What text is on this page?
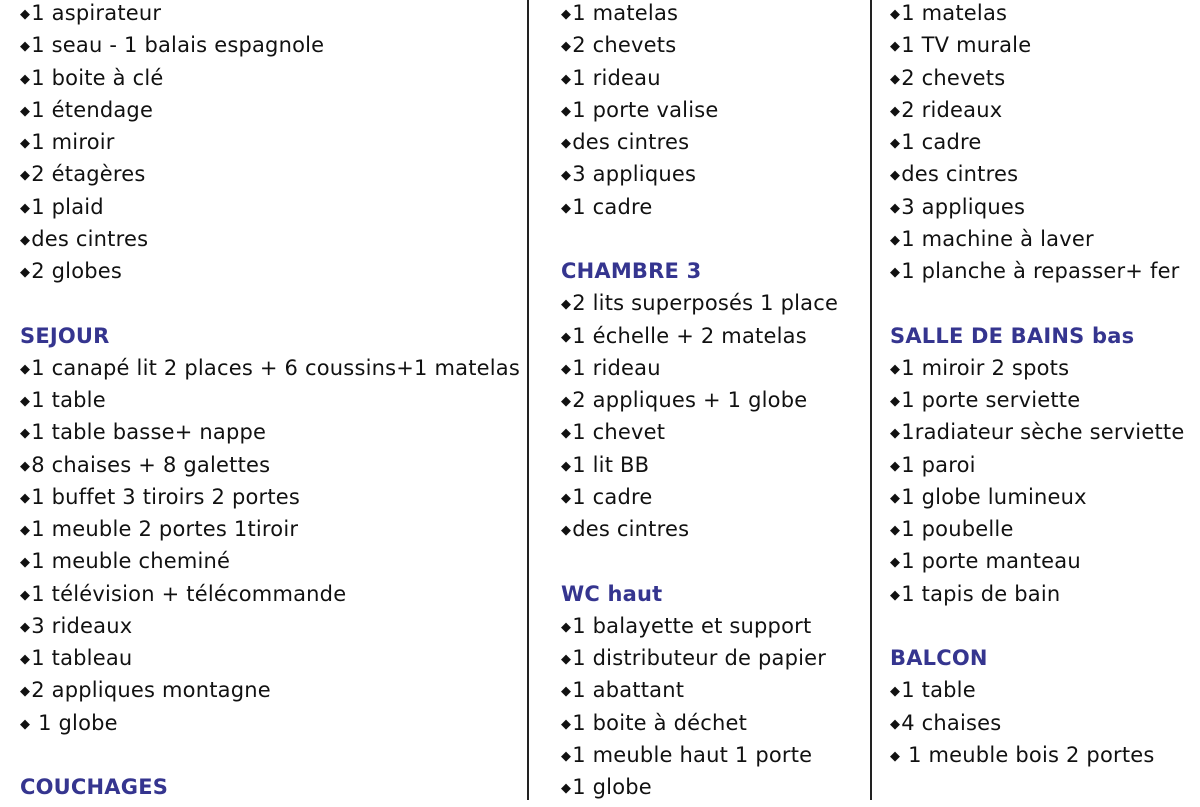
◆1 aspirateur
◆1 seau - 1 balais espagnole
◆1 boite à clé
◆1 étendage
◆1 miroir
◆2 étagères
◆1 plaid
◆des cintres
◆2 globes
SEJOUR
◆1 canapé lit 2 places + 6 coussins+1 matelas
◆1 table
◆1 table basse+ nappe
◆8 chaises + 8 galettes
◆1 buffet 3 tiroirs 2 portes
◆1 meuble 2 portes 1tiroir
◆1 meuble cheminé
◆1 télévision + télécommande
◆3 rideaux
◆1 tableau
◆2 appliques montagne
◆ 1 globe
COUCHAGES
◆1 matelas
◆2 chevets
◆1 rideau
◆1 porte valise
◆des cintres
◆3 appliques
◆1 cadre
CHAMBRE 3
◆2 lits superposés 1 place
◆1 échelle + 2 matelas
◆1 rideau
◆2 appliques + 1 globe
◆1 chevet
◆1 lit BB
◆1 cadre
◆des cintres
WC haut
◆1 balayette et support
◆1 distributeur de papier
◆1 abattant
◆1 boite à déchet
◆1 meuble haut 1 porte
◆1 globe
◆1 matelas
◆1 TV murale
◆2 chevets
◆2 rideaux
◆1 cadre
◆des cintres
◆3 appliques
◆1 machine à laver
◆1 planche à repasser+ fer
SALLE DE BAINS bas
◆1 miroir 2 spots
◆1 porte serviette
◆1radiateur sèche serviette
◆1 paroi
◆1 globe lumineux
◆1 poubelle
◆1 porte manteau
◆1 tapis de bain
BALCON
◆1 table
◆4 chaises
◆ 1 meuble bois 2 portes
